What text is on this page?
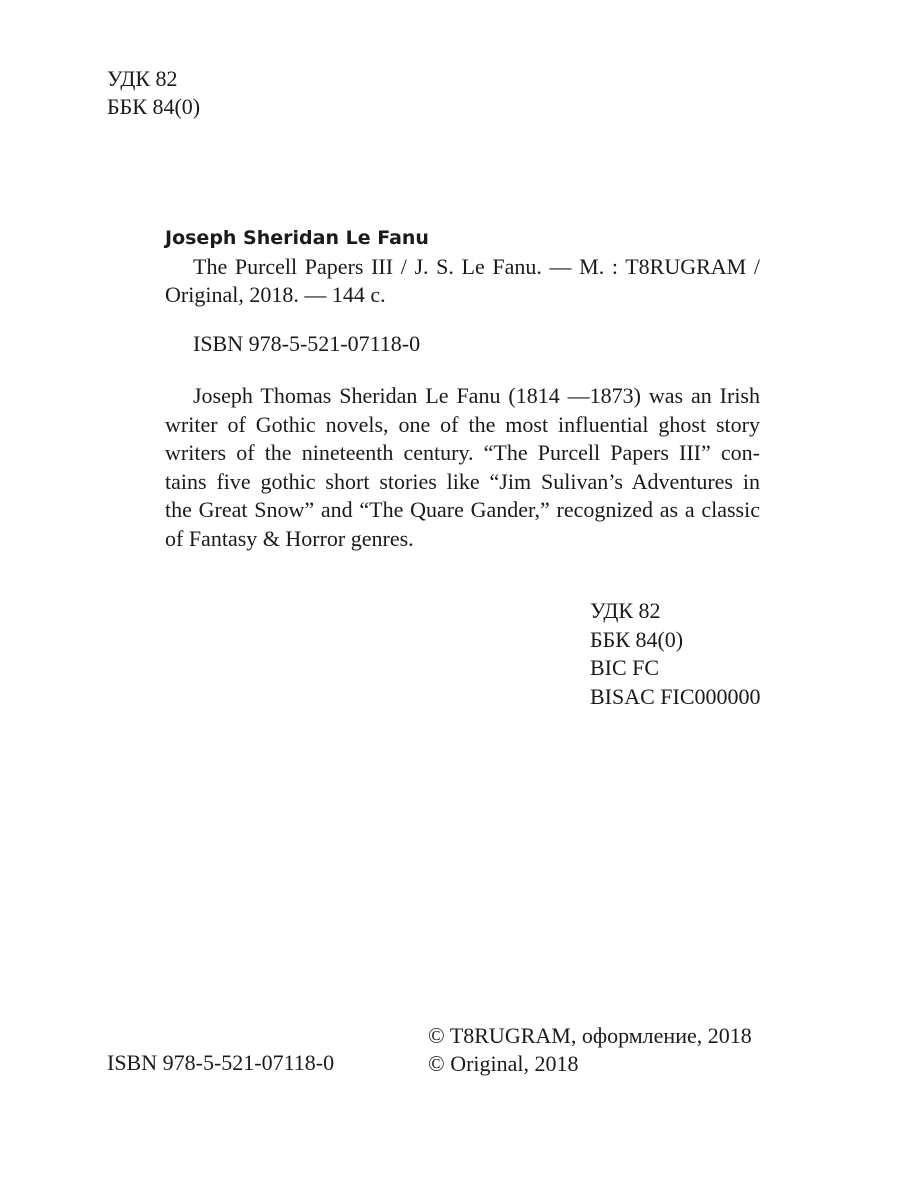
УДК 82
ББК 84(0)
Joseph Sheridan Le Fanu
The Purcell Papers III / J. S. Le Fanu. — M. : T8RUGRAM /
Original, 2018. — 144 c.
ISBN 978-5-521-07118-0
Joseph Thomas Sheridan Le Fanu (1814 —1873) was an Irish
writer of Gothic novels, one of the most influential ghost story
writers of the nineteenth century. “The Purcell Papers III” con-
tains five gothic short stories like “Jim Sulivan’s Adventures in
the Great Snow” and “The Quare Gander,” recognized as a classic
of Fantasy & Horror genres.
УДК 82
ББК 84(0)
BIC FC
BISAC FIC000000
ISBN 978-5-521-07118-0
© T8RUGRAM, оформление, 2018
© Original, 2018
